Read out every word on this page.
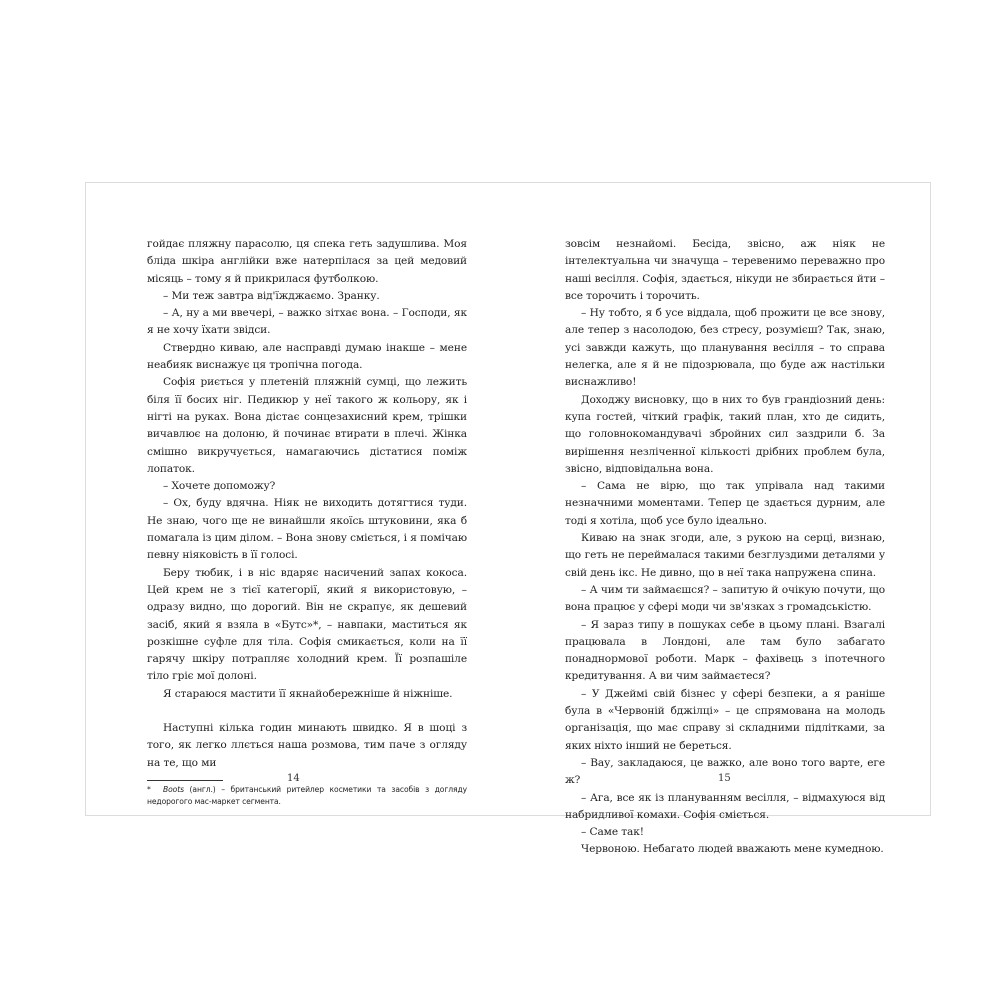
гойдає пляжну парасолю, ця спека геть задушлива. Моя бліда шкіра англійки вже натерпілася за цей медовий місяць – тому я й прикрилася футболкою.

– Ми теж завтра від'їжджаємо. Зранку.

– А, ну а ми ввечері, – важко зітхає вона. – Господи, як я не хочу їхати звідси.

Ствердно киваю, але насправді думаю інакше – мене неабияк виснажує ця тропічна погода.

Софія риється у плетеній пляжній сумці, що лежить біля її босих ніг. Педикюр у неї такого ж кольору, як і нігті на руках. Вона дістає сонцезахисний крем, трішки вичавлює на долоню, й починає втирати в плечі. Жінка смішно викручується, намагаючись дістатися поміж лопаток.

– Хочете допоможу?

– Ох, буду вдячна. Ніяк не виходить дотягтися туди. Не знаю, чого ще не винайшли якоїсь штуковини, яка б помагала із цим ділом. – Вона знову сміється, і я помічаю певну ніяковість в її голосі.

Беру тюбик, і в ніс вдаряє насичений запах кокоса. Цей крем не з тієї категорії, який я використовую, – одразу видно, що дорогий. Він не скрапує, як дешевий засіб, який я взяла в «Бутс»*, – навпаки, маститься як розкішне суфле для тіла. Софія смикається, коли на її гарячу шкіру потрапляє холодний крем. Її розпашіле тіло гріє мої долоні.

Я стараюся мастити її якнайобережніше й ніжніше.

Наступні кілька годин минають швидко. Я в шоці з того, як легко ллється наша розмова, тим паче з огляду на те, що ми

* Boots (англ.) – британський ритейлер косметики та засобів з догляду недорогого мас-маркет сегмента.

зовсім незнайомі. Бесіда, звісно, аж ніяк не інтелектуальна чи значуща – теревенимо переважно про наші весілля. Софія, здається, нікуди не збирається йти – все торочить і торочить.

– Ну тобто, я б усе віддала, щоб прожити це все знову, але тепер з насолодою, без стресу, розумієш? Так, знаю, усі завжди кажуть, що планування весілля – то справа нелегка, але я й не підозрювала, що буде аж настільки виснажливо!

Доходжу висновку, що в них то був грандіозний день: купа гостей, чіткий графік, такий план, хто де сидить, що головнокомандувачі збройних сил заздрили б. За вирішення незліченної кількості дрібних проблем була, звісно, відповідальна вона.

– Сама не вірю, що так упрівала над такими незначними моментами. Тепер це здається дурним, але тоді я хотіла, щоб усе було ідеально.

Киваю на знак згоди, але, з рукою на серці, визнаю, що геть не переймалася такими безглуздими деталями у свій день ікс. Не дивно, що в неї така напружена спина.

– А чим ти займаєшся? – запитую й очікую почути, що вона працює у сфері моди чи зв'язках з громадськістю.

– Я зараз типу в пошуках себе в цьому плані. Взагалі працювала в Лондоні, але там було забагато понаднормової роботи. Марк – фахівець з іпотечного кредитування. А ви чим займаєтеся?

– У Джеймі свій бізнес у сфері безпеки, а я раніше була в «Червоній бджілці» – це спрямована на молодь організація, що має справу зі складними підлітками, за яких ніхто інший не береться.

– Вау, закладаюся, це важко, але воно того варте, еге ж?

– Ага, все як із плануванням весілля, – відмахуюся від набридливої комахи. Софія сміється.

– Саме так!

Червоною. Небагато людей вважають мене кумедною.

14	15
